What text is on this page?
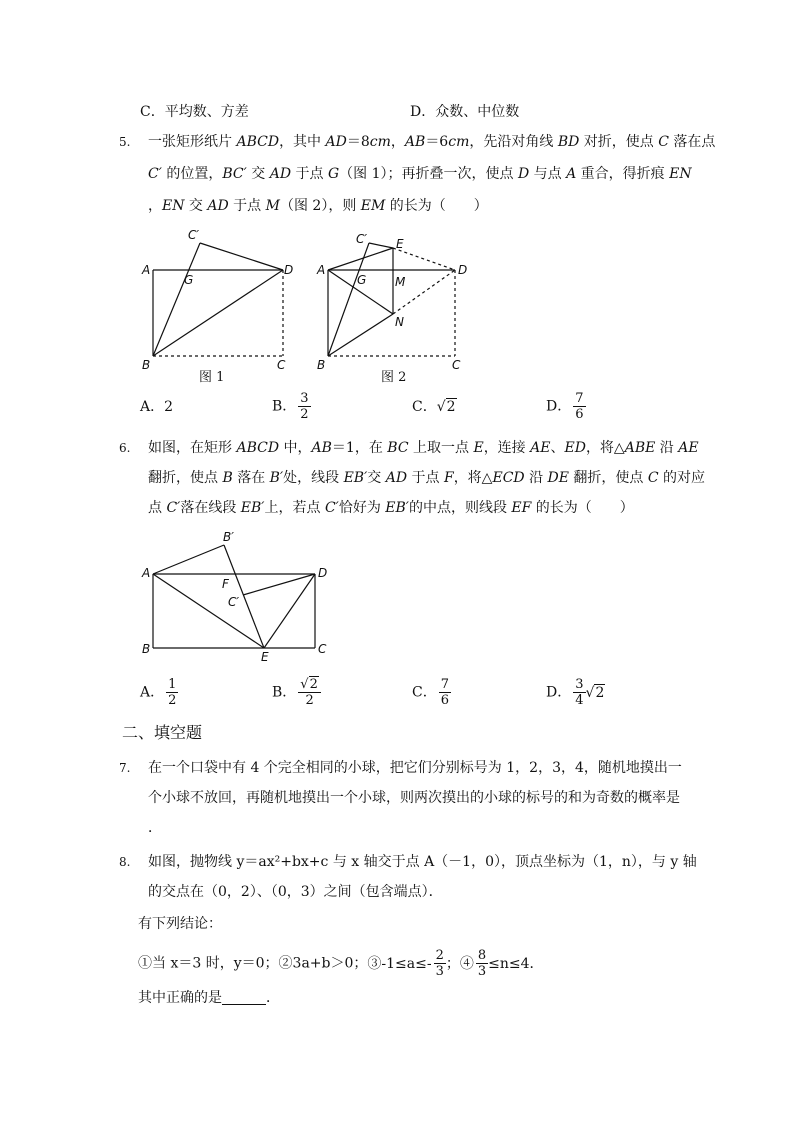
C．平均数、方差	D．众数、中位数
5. 一张矩形纸片 ABCD，其中 AD＝8cm，AB＝6cm，先沿对角线 BD 对折，使点 C 落在点
C′ 的位置，BC′ 交 AD 于点 G（图 1）；再折叠一次，使点 D 与点 A 重合，得折痕 EN
，EN 交 AD 于点 M（图 2），则 EM 的长为（　　）
C′
A
G
D
B	C
图 1
C′ E
A
G M
D
N
B	C
图 2
A．2	B． $\frac{3}{2}$	C．√2	D． $\frac{7}{6}$
6. 如图，在矩形 ABCD 中，AB＝1，在 BC 上取一点 E，连接 AE、ED，将△ABE 沿 AE
翻折，使点 B 落在 B′处，线段 EB′交 AD 于点 F，将△ECD 沿 DE 翻折，使点 C 的对应
点 C′落在线段 EB′上，若点 C′恰好为 EB′的中点，则线段 EF 的长为（　　）
B′
A
F
D
C′
B
E
C
A． $\frac{1}{2}$	B． $\frac{√2}{2}$	C． $\frac{7}{6}$	D． $\frac{3}{4} √2$
二、填空题
7. 在一个口袋中有 4 个完全相同的小球，把它们分别标号为 1，2，3，4，随机地摸出一
个小球不放回，再随机地摸出一个小球，则两次摸出的小球的标号的和为奇数的概率是
．
8. 如图，抛物线 y＝ax²+bx+c 与 x 轴交于点 A（－1，0），顶点坐标为（1，n），与 y 轴
的交点在（0，2）、（0，3）之间（包含端点）．
有下列结论：
①当 x＝3 时，y＝0；②3a+b＞0；③-1≤a≤- $\frac{2}{3}$ ；④ $\frac{8}{3} \le n\le 4$．
其中正确的是	．
